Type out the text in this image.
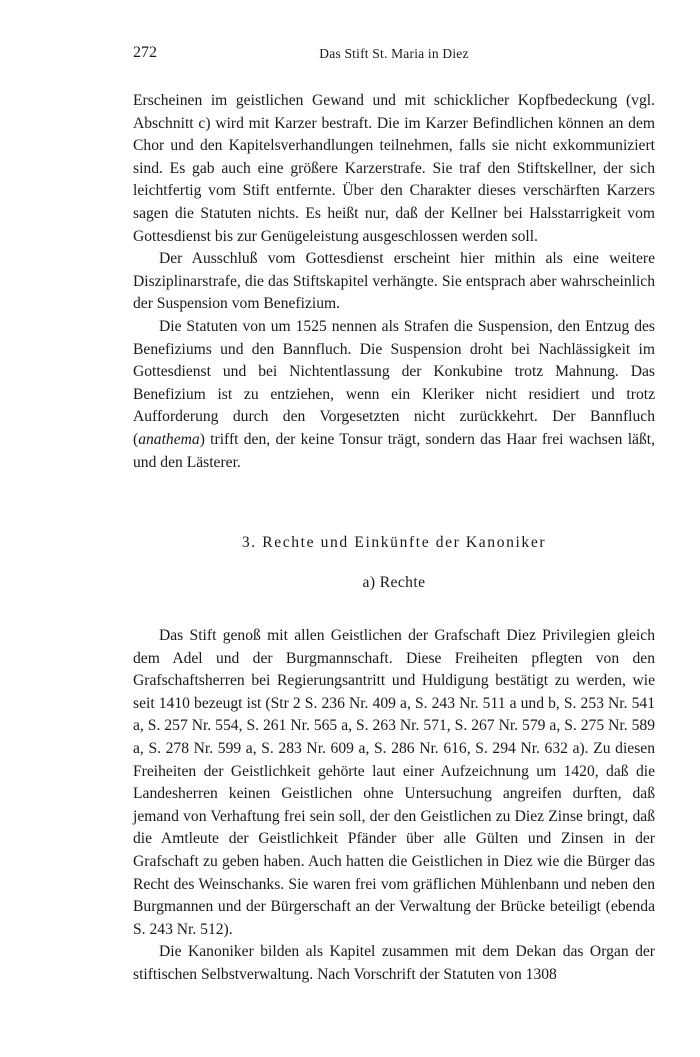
272	Das Stift St. Maria in Diez

Erscheinen im geistlichen Gewand und mit schicklicher Kopfbedeckung (vgl. Abschnitt c) wird mit Karzer bestraft. Die im Karzer Befindlichen können an dem Chor und den Kapitelsverhandlungen teilnehmen, falls sie nicht exkommuniziert sind. Es gab auch eine größere Karzerstrafe. Sie traf den Stiftskellner, der sich leichtfertig vom Stift entfernte. Über den Charakter dieses verschärften Karzers sagen die Statuten nichts. Es heißt nur, daß der Kellner bei Halsstarrigkeit vom Gottesdienst bis zur Genügeleistung ausgeschlossen werden soll.

Der Ausschluß vom Gottesdienst erscheint hier mithin als eine weitere Disziplinarstrafe, die das Stiftskapitel verhängte. Sie entsprach aber wahrscheinlich der Suspension vom Benefizium.

Die Statuten von um 1525 nennen als Strafen die Suspension, den Entzug des Benefiziums und den Bannfluch. Die Suspension droht bei Nachlässigkeit im Gottesdienst und bei Nichtentlassung der Konkubine trotz Mahnung. Das Benefizium ist zu entziehen, wenn ein Kleriker nicht residiert und trotz Aufforderung durch den Vorgesetzten nicht zurückkehrt. Der Bannfluch (anathema) trifft den, der keine Tonsur trägt, sondern das Haar frei wachsen läßt, und den Lästerer.

3. Rechte und Einkünfte der Kanoniker
a) Rechte

Das Stift genoß mit allen Geistlichen der Grafschaft Diez Privilegien gleich dem Adel und der Burgmannschaft. Diese Freiheiten pflegten von den Grafschaftsherren bei Regierungsantritt und Huldigung bestätigt zu werden, wie seit 1410 bezeugt ist (Str 2 S. 236 Nr. 409 a, S. 243 Nr. 511 a und b, S. 253 Nr. 541 a, S. 257 Nr. 554, S. 261 Nr. 565 a, S. 263 Nr. 571, S. 267 Nr. 579 a, S. 275 Nr. 589 a, S. 278 Nr. 599 a, S. 283 Nr. 609 a, S. 286 Nr. 616, S. 294 Nr. 632 a). Zu diesen Freiheiten der Geistlichkeit gehörte laut einer Aufzeichnung um 1420, daß die Landesherren keinen Geistlichen ohne Untersuchung angreifen durften, daß jemand von Verhaftung frei sein soll, der den Geistlichen zu Diez Zinse bringt, daß die Amtleute der Geistlichkeit Pfänder über alle Gülten und Zinsen in der Grafschaft zu geben haben. Auch hatten die Geistlichen in Diez wie die Bürger das Recht des Weinschanks. Sie waren frei vom gräflichen Mühlenbann und neben den Burgmannen und der Bürgerschaft an der Verwaltung der Brücke beteiligt (ebenda S. 243 Nr. 512).

Die Kanoniker bilden als Kapitel zusammen mit dem Dekan das Organ der stiftischen Selbstverwaltung. Nach Vorschrift der Statuten von 1308
